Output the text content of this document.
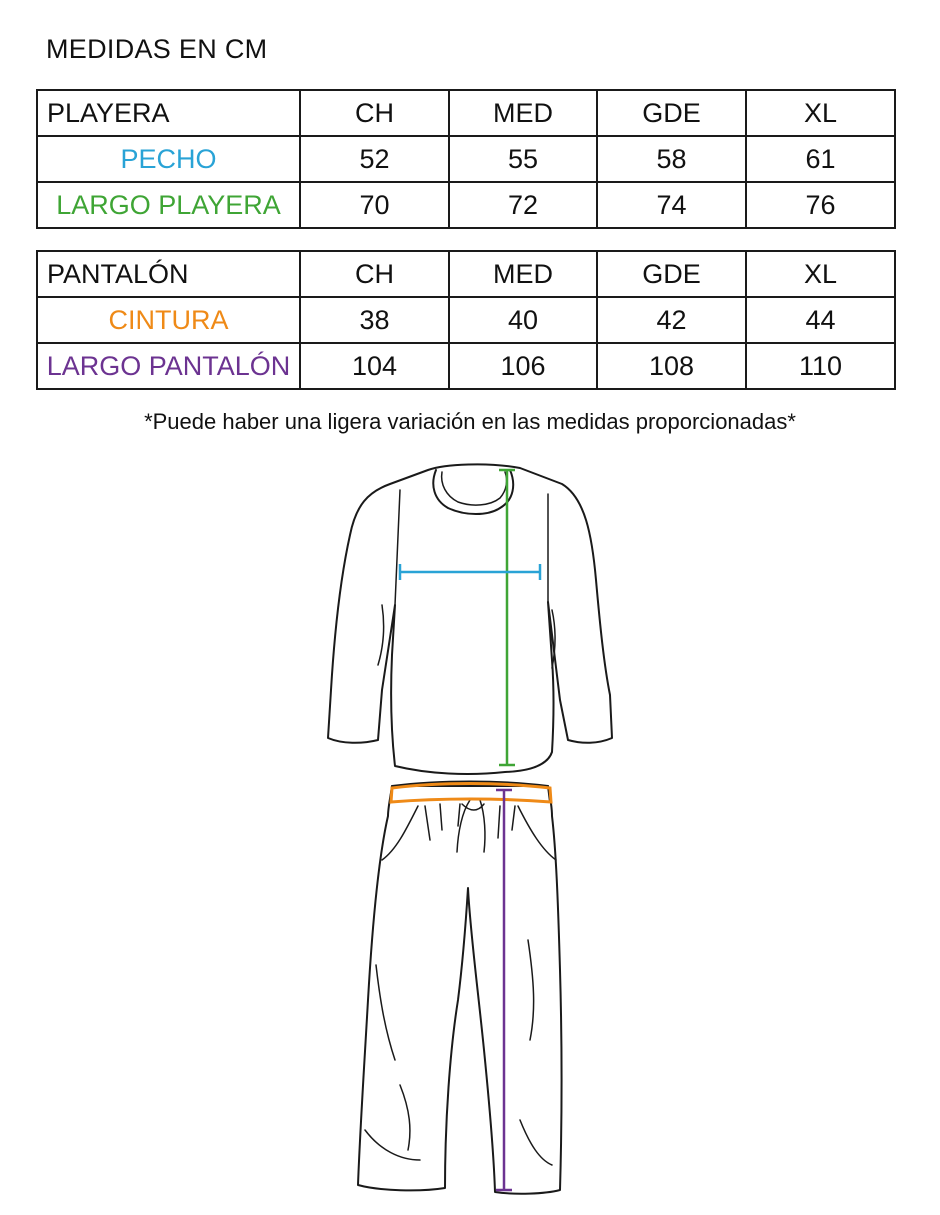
MEDIDAS EN CM
PLAYERA	CH	MED	GDE	XL
PECHO	52	55	58	61
LARGO PLAYERA	70	72	74	76
PANTALÓN	CH	MED	GDE	XL
CINTURA	38	40	42	44
LARGO PANTALÓN	104	106	108	110
*Puede haber una ligera variación en las medidas proporcionadas*
